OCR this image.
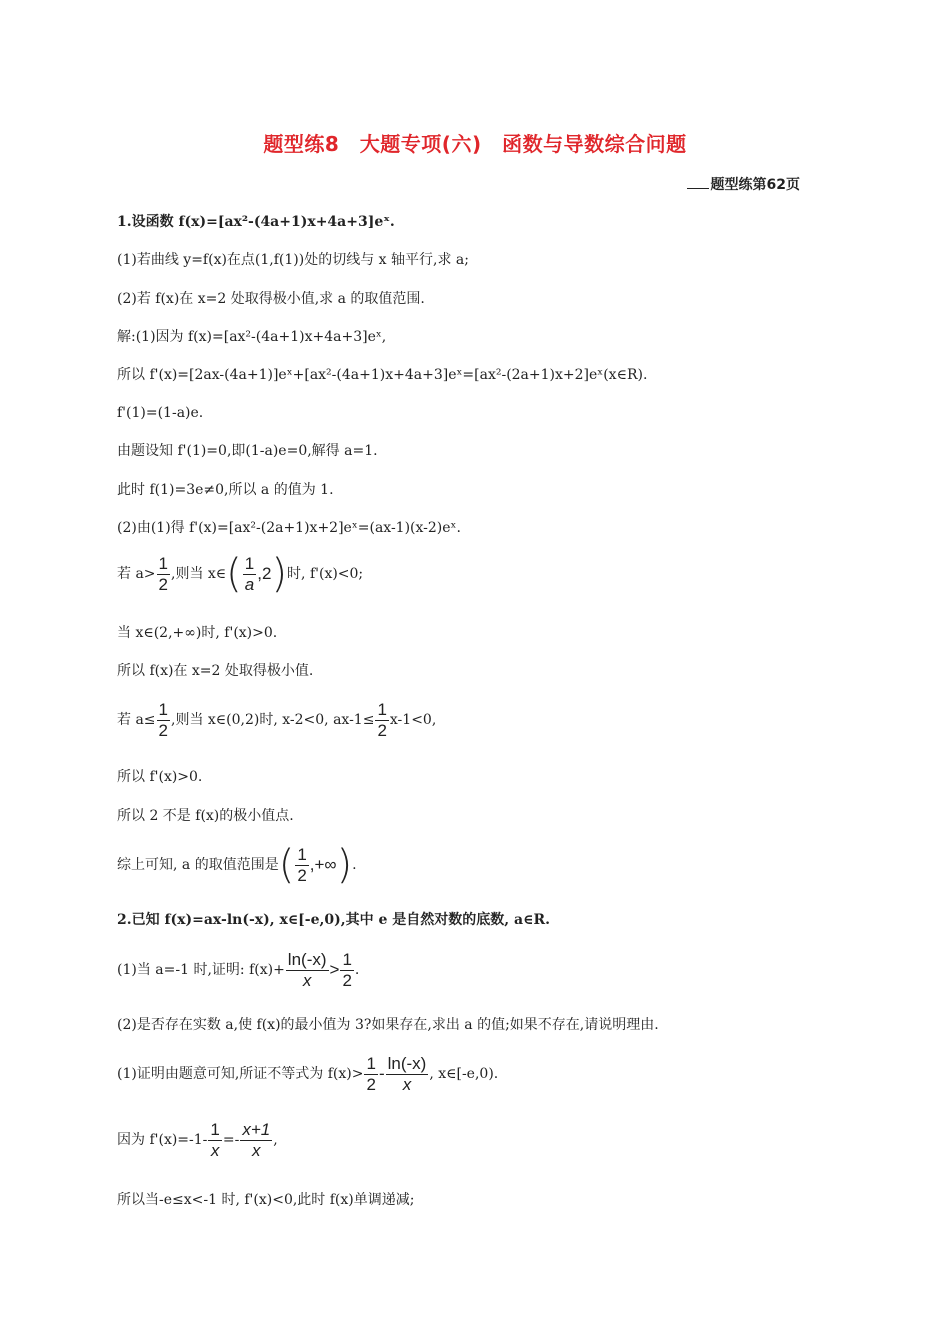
题型练8　大题专项(六)　函数与导数综合问题
题型练第62页
1.设函数 f(x)=[ax²-(4a+1)x+4a+3]eˣ.
(1)若曲线 y=f(x)在点(1,f(1))处的切线与 x 轴平行,求 a;
(2)若 f(x)在 x=2 处取得极小值,求 a 的取值范围.
解:(1)因为 f(x)=[ax²-(4a+1)x+4a+3]eˣ,
所以 f'(x)=[2ax-(4a+1)]eˣ+[ax²-(4a+1)x+4a+3]eˣ=[ax²-(2a+1)x+2]eˣ(x∈R).
f'(1)=(1-a)e.
由题设知 f'(1)=0,即(1-a)e=0,解得 a=1.
此时 f(1)=3e≠0,所以 a 的值为 1.
(2)由(1)得 f'(x)=[ax²-(2a+1)x+2]eˣ=(ax-1)(x-2)eˣ.
若 $a> \frac{1}{2}$ ,则当 x∈( $\frac{1}{a} ,2$)时, f'(x)<0;
当 x∈(2,+∞)时, f'(x)>0.
所以 f(x)在 x=2 处取得极小值.
若 $a\le \frac{1}{2}$ ,则当 x∈(0,2)时, x-2<0, $ax-1\le \frac{1}{2} x-1<0$,
所以 f'(x)>0.
所以 2 不是 f(x)的极小值点.
综上可知, a 的取值范围是( $\frac{1}{2}$ ,+∞).
2.已知 f(x)=ax-ln(-x), x∈[-e,0),其中 e 是自然对数的底数, a∈R.
(1)当 a=-1 时,证明: $f(x)+ \frac{\ln(-x)}{x} > \frac{1}{2}$ .
(2)是否存在实数 a,使 f(x)的最小值为 3?如果存在,求出 a 的值;如果不存在,请说明理由.
(1)证明由题意可知,所证不等式为 $f(x)> \frac{1}{2} - \frac{\ln(-x)}{x}$ , x∈[-e,0).
因为 $f'(x)=-1- \frac{1}{x} =- \frac{x+1}{x}$ ,
所以当-e≤x<-1 时, f'(x)<0,此时 f(x)单调递减;
